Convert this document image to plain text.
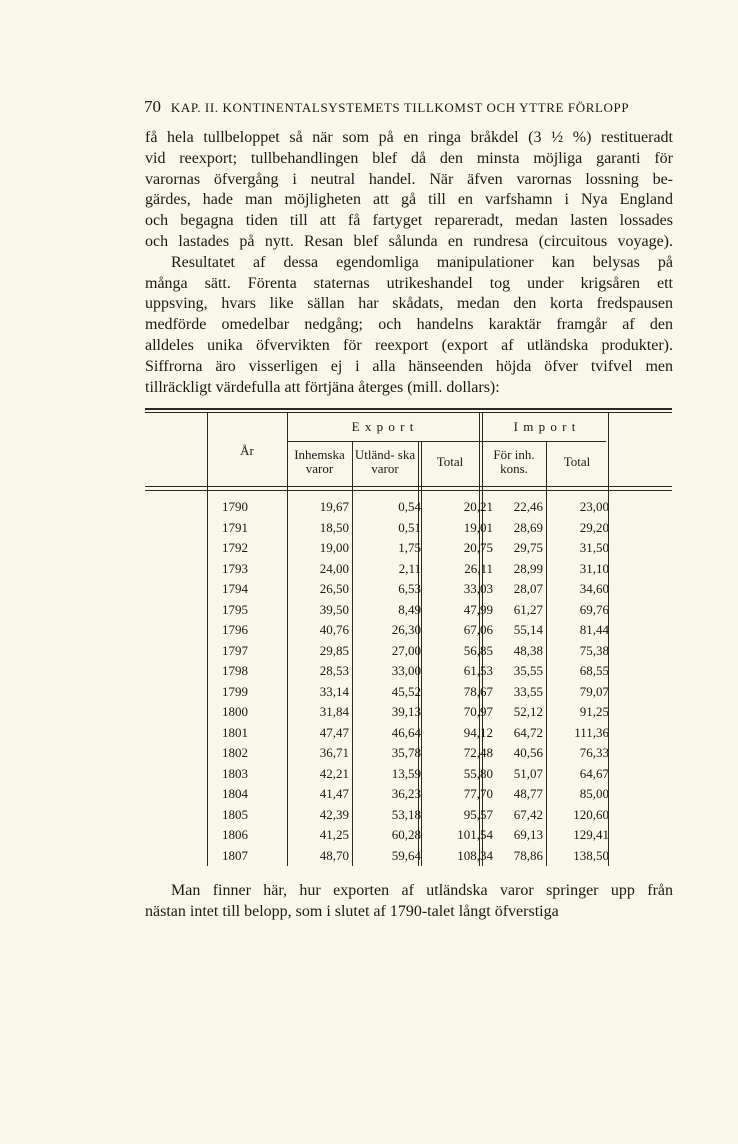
70 KAP. II. KONTINENTALSYSTEMETS TILLKOMST OCH YTTRE FÖRLOPP
få hela tullbeloppet så när som på en ringa bråkdel (3 ½ %) restitueradt
vid reexport; tullbehandlingen blef då den minsta möjliga garanti för
varornas öfvergång i neutral handel. När äfven varornas lossning be-
gärdes, hade man möjligheten att gå till en varfshamn i Nya England
och begagna tiden till att få fartyget repareradt, medan lasten lossades
och lastades på nytt. Resan blef sålunda en rundresa (circuitous voyage).
Resultatet af dessa egendomliga manipulationer kan belysas på
många sätt. Förenta staternas utrikeshandel tog under krigsåren ett
uppsving, hvars like sällan har skådats, medan den korta fredspausen
medförde omedelbar nedgång; och handelns karaktär framgår af den
alldeles unika öfvervikten för reexport (export af utländska produkter).
Siffrorna äro visserligen ej i alla hänseenden höjda öfver tvifvel men
tillräckligt värdefulla att förtjäna återges (mill. dollars):
År
E x p o r t	I m p o r t
Inhemska varor
Utländ- ska varor	Total	För inh. kons.	Total
1790	19,67	0,54	20,21	22,46	23,00
1791	18,50	0,51	19,01	28,69	29,20
1792	19,00	1,75	20,75	29,75	31,50
1793	24,00	2,11	26,11	28,99	31,10
1794	26,50	6,53	33,03	28,07	34,60
1795	39,50	8,49	47,99	61,27	69,76
1796	40,76	26,30	67,06	55,14	81,44
1797	29,85	27,00	56,85	48,38	75,38
1798	28,53	33,00	61,53	35,55	68,55
1799	33,14	45,52	78,67	33,55	79,07
1800	31,84	39,13	70,97	52,12	91,25
1801	47,47	46,64	94,12	64,72	111,36
1802	36,71	35,78	72,48	40,56	76,33
1803	42,21	13,59	55,80	51,07	64,67
1804	41,47	36,23	77,70	48,77	85,00
1805	42,39	53,18	95,57	67,42	120,60
1806	41,25	60,28	101,54	69,13	129,41
1807	48,70	59,64	108,34	78,86	138,50
Man finner här, hur exporten af utländska varor springer upp från
nästan intet till belopp, som i slutet af 1790-talet långt öfverstiga
